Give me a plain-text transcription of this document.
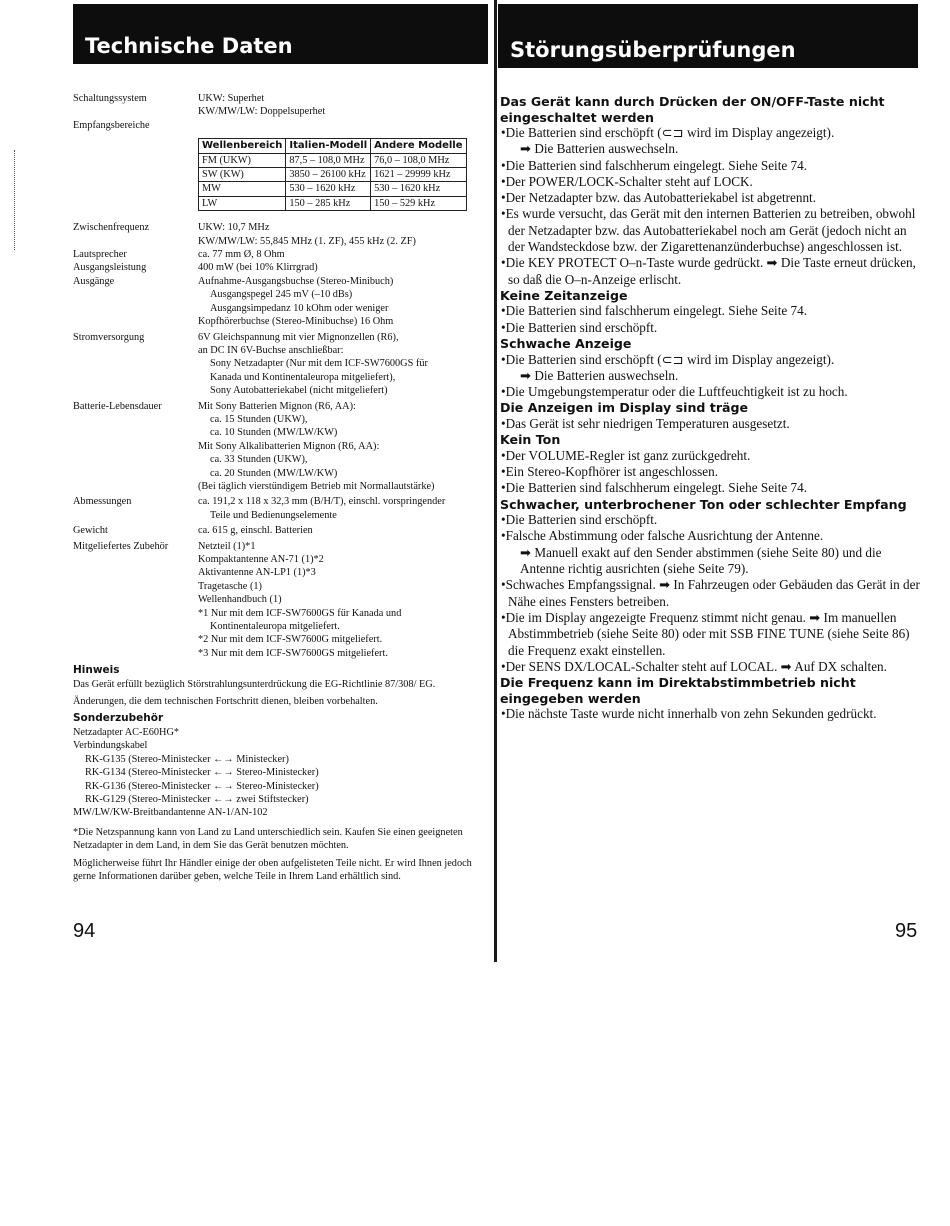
Technische Daten	Störungsüberprüfungen
Schaltungssystem	UKW: Superhet
KW/MW/LW: Doppelsuperhet
Empfangsbereiche
Wellenbereich	Italien-Modell	Andere Modelle
FM (UKW)	87,5 – 108,0 MHz	76,0 – 108,0 MHz
SW (KW)	3850 – 26100 kHz	1621 – 29999 kHz
MW	530 – 1620 kHz	530 – 1620 kHz
LW	150 – 285 kHz	150 – 529 kHz
Zwischenfrequenz	UKW: 10,7 MHz
KW/MW/LW: 55,845 MHz (1. ZF), 455 kHz (2. ZF)
Lautsprecher	ca. 77 mm Ø, 8 Ohm
Ausgangsleistung	400 mW (bei 10% Klirrgrad)
Ausgänge	Aufnahme-Ausgangsbuchse (Stereo-Minibuch)
Ausgangspegel 245 mV (–10 dBs)
Ausgangsimpedanz 10 kOhm oder weniger
Kopfhörerbuchse (Stereo-Minibuchse) 16 Ohm
Stromversorgung	6V Gleichspannung mit vier Mignonzellen (R6),
an DC IN 6V-Buchse anschließbar:
Sony Netzadapter (Nur mit dem ICF-SW7600GS für
Kanada und Kontinentaleuropa mitgeliefert),
Sony Autobatteriekabel (nicht mitgeliefert)
Batterie-Lebensdauer	Mit Sony Batterien Mignon (R6, AA):
ca. 15 Stunden (UKW),
ca. 10 Stunden (MW/LW/KW)
Mit Sony Alkalibatterien Mignon (R6, AA):
ca. 33 Stunden (UKW),
ca. 20 Stunden (MW/LW/KW)
(Bei täglich vierstündigem Betrieb mit Normallautstärke)
Abmessungen	ca. 191,2 x 118 x 32,3 mm (B/H/T), einschl. vorspringender
Teile und Bedienungselemente
Gewicht	ca. 615 g, einschl. Batterien
Mitgeliefertes Zubehör	Netzteil (1)*1
Kompaktantenne AN-71 (1)*2
Aktivantenne AN-LP1 (1)*3
Tragetasche (1)
Wellenhandbuch (1)
*1 Nur mit dem ICF-SW7600GS für Kanada und
Kontinentaleuropa mitgeliefert.
*2 Nur mit dem ICF-SW7600G mitgeliefert.
*3 Nur mit dem ICF-SW7600GS mitgeliefert.
Hinweis
Das Gerät erfüllt bezüglich Störstrahlungsunterdrückung die EG-Richtlinie 87/308/ EG.
Änderungen, die dem technischen Fortschritt dienen, bleiben vorbehalten.
Sonderzubehör
Netzadapter AC-E60HG*
Verbindungskabel
RK-G135 (Stereo-Ministecker ←→ Ministecker)
RK-G134 (Stereo-Ministecker ←→ Stereo-Ministecker)
RK-G136 (Stereo-Ministecker ←→ Stereo-Ministecker)
RK-G129 (Stereo-Ministecker ←→ zwei Stiftstecker)
MW/LW/KW-Breitbandantenne AN-1/AN-102
*Die Netzspannung kann von Land zu Land unterschiedlich sein. Kaufen Sie einen geeigneten Netzadapter in dem Land, in dem Sie das Gerät benutzen möchten.
Möglicherweise führt Ihr Händler einige der oben aufgelisteten Teile nicht. Er wird Ihnen jedoch gerne Informationen darüber geben, welche Teile in Ihrem Land erhältlich sind.
94
Das Gerät kann durch Drücken der ON/OFF-Taste nicht eingeschaltet werden
•Die Batterien sind erschöpft (⊂⊐ wird im Display angezeigt).
➡ Die Batterien auswechseln.
•Die Batterien sind falschherum eingelegt. Siehe Seite 74.
•Der POWER/LOCK-Schalter steht auf LOCK.
•Der Netzadapter bzw. das Autobatteriekabel ist abgetrennt.
•Es wurde versucht, das Gerät mit den internen Batterien zu betreiben, obwohl der Netzadapter bzw. das Autobatteriekabel noch am Gerät (jedoch nicht an der Wandsteckdose bzw. der Zigarettenanzünderbuchse) angeschlossen ist.
•Die KEY PROTECT O‒n-Taste wurde gedrückt. ➡ Die Taste erneut drücken, so daß die O‒n-Anzeige erlischt.
Keine Zeitanzeige
•Die Batterien sind falschherum eingelegt. Siehe Seite 74.
•Die Batterien sind erschöpft.
Schwache Anzeige
•Die Batterien sind erschöpft (⊂⊐ wird im Display angezeigt).
➡ Die Batterien auswechseln.
•Die Umgebungstemperatur oder die Luftfeuchtigkeit ist zu hoch.
Die Anzeigen im Display sind träge
•Das Gerät ist sehr niedrigen Temperaturen ausgesetzt.
Kein Ton
•Der VOLUME-Regler ist ganz zurückgedreht.
•Ein Stereo-Kopfhörer ist angeschlossen.
•Die Batterien sind falschherum eingelegt. Siehe Seite 74.
Schwacher, unterbrochener Ton oder schlechter Empfang
•Die Batterien sind erschöpft.
•Falsche Abstimmung oder falsche Ausrichtung der Antenne.
➡ Manuell exakt auf den Sender abstimmen (siehe Seite 80) und die Antenne richtig ausrichten (siehe Seite 79).
•Schwaches Empfangssignal. ➡ In Fahrzeugen oder Gebäuden das Gerät in der Nähe eines Fensters betreiben.
•Die im Display angezeigte Frequenz stimmt nicht genau. ➡ Im manuellen Abstimmbetrieb (siehe Seite 80) oder mit SSB FINE TUNE (siehe Seite 86) die Frequenz exakt einstellen.
•Der SENS DX/LOCAL-Schalter steht auf LOCAL. ➡ Auf DX schalten.
Die Frequenz kann im Direktabstimmbetrieb nicht eingegeben werden
•Die nächste Taste wurde nicht innerhalb von zehn Sekunden gedrückt.
95
